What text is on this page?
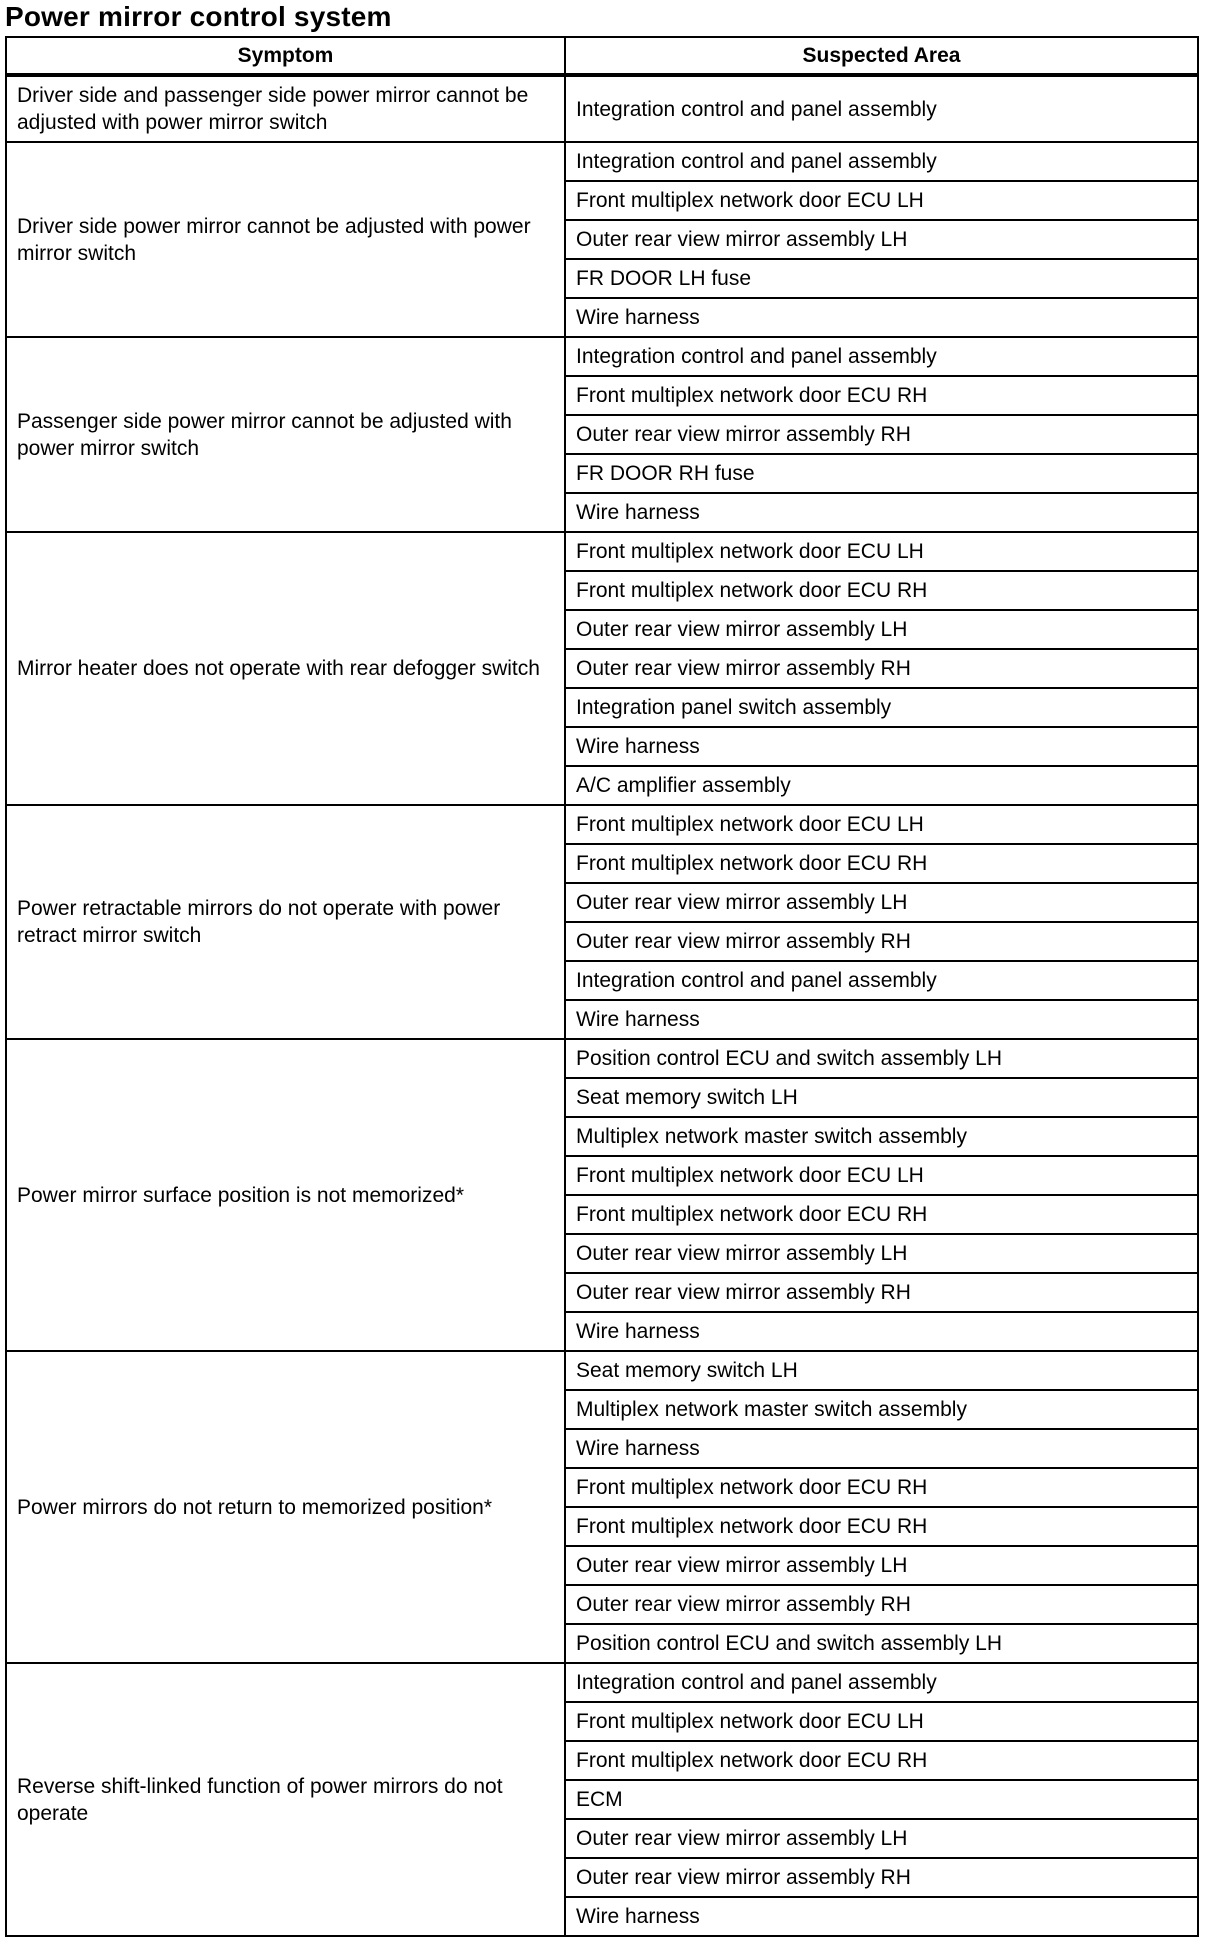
Power mirror control system
Symptom	Suspected Area
Driver side and passenger side power mirror cannot be adjusted with power mirror switch	Integration control and panel assembly
Driver side power mirror cannot be adjusted with power mirror switch	Integration control and panel assembly
	Front multiplex network door ECU LH
	Outer rear view mirror assembly LH
	FR DOOR LH fuse
	Wire harness
Passenger side power mirror cannot be adjusted with power mirror switch	Integration control and panel assembly
	Front multiplex network door ECU RH
	Outer rear view mirror assembly RH
	FR DOOR RH fuse
	Wire harness
Mirror heater does not operate with rear defogger switch	Front multiplex network door ECU LH
	Front multiplex network door ECU RH
	Outer rear view mirror assembly LH
	Outer rear view mirror assembly RH
	Integration panel switch assembly
	Wire harness
	A/C amplifier assembly
Power retractable mirrors do not operate with power retract mirror switch	Front multiplex network door ECU LH
	Front multiplex network door ECU RH
	Outer rear view mirror assembly LH
	Outer rear view mirror assembly RH
	Integration control and panel assembly
	Wire harness
Power mirror surface position is not memorized*	Position control ECU and switch assembly LH
	Seat memory switch LH
	Multiplex network master switch assembly
	Front multiplex network door ECU LH
	Front multiplex network door ECU RH
	Outer rear view mirror assembly LH
	Outer rear view mirror assembly RH
	Wire harness
Power mirrors do not return to memorized position*	Seat memory switch LH
	Multiplex network master switch assembly
	Wire harness
	Front multiplex network door ECU RH
	Front multiplex network door ECU RH
	Outer rear view mirror assembly LH
	Outer rear view mirror assembly RH
	Position control ECU and switch assembly LH
Reverse shift-linked function of power mirrors do not operate	Integration control and panel assembly
	Front multiplex network door ECU LH
	Front multiplex network door ECU RH
	ECM
	Outer rear view mirror assembly LH
	Outer rear view mirror assembly RH
	Wire harness
